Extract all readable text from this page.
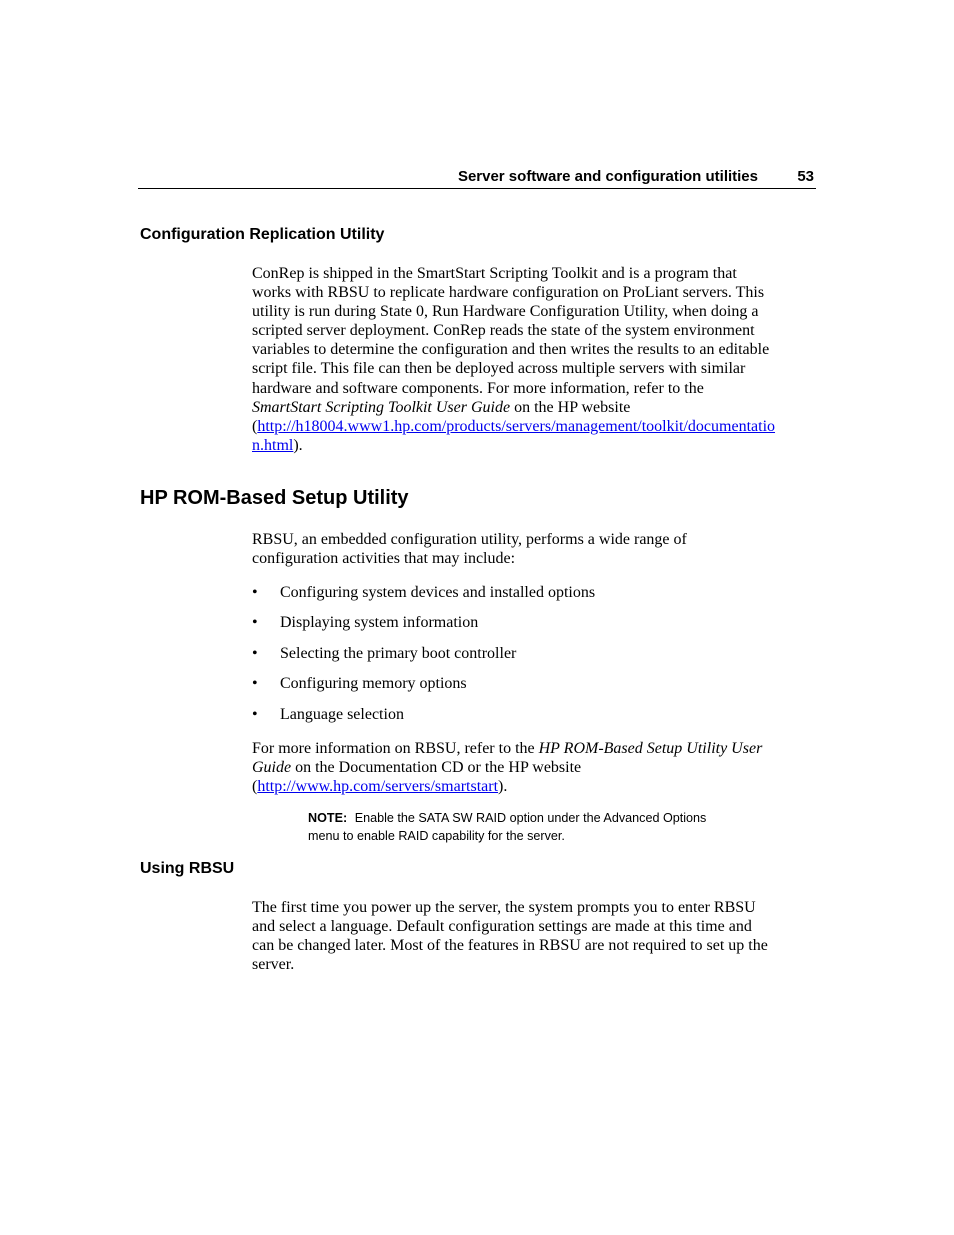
Server software and configuration utilities	53
Configuration Replication Utility

ConRep is shipped in the SmartStart Scripting Toolkit and is a program that
works with RBSU to replicate hardware configuration on ProLiant servers. This
utility is run during State 0, Run Hardware Configuration Utility, when doing a
scripted server deployment. ConRep reads the state of the system environment
variables to determine the configuration and then writes the results to an editable
script file. This file can then be deployed across multiple servers with similar
hardware and software components. For more information, refer to the
SmartStart Scripting Toolkit User Guide on the HP website
(http://h18004.www1.hp.com/products/servers/management/toolkit/documentatio
n.html).

HP ROM-Based Setup Utility

RBSU, an embedded configuration utility, performs a wide range of
configuration activities that may include:

• Configuring system devices and installed options
• Displaying system information
• Selecting the primary boot controller
• Configuring memory options
• Language selection

For more information on RBSU, refer to the HP ROM-Based Setup Utility User
Guide on the Documentation CD or the HP website
(http://www.hp.com/servers/smartstart).

NOTE: Enable the SATA SW RAID option under the Advanced Options
menu to enable RAID capability for the server.
Using RBSU

The first time you power up the server, the system prompts you to enter RBSU
and select a language. Default configuration settings are made at this time and
can be changed later. Most of the features in RBSU are not required to set up the
server.
